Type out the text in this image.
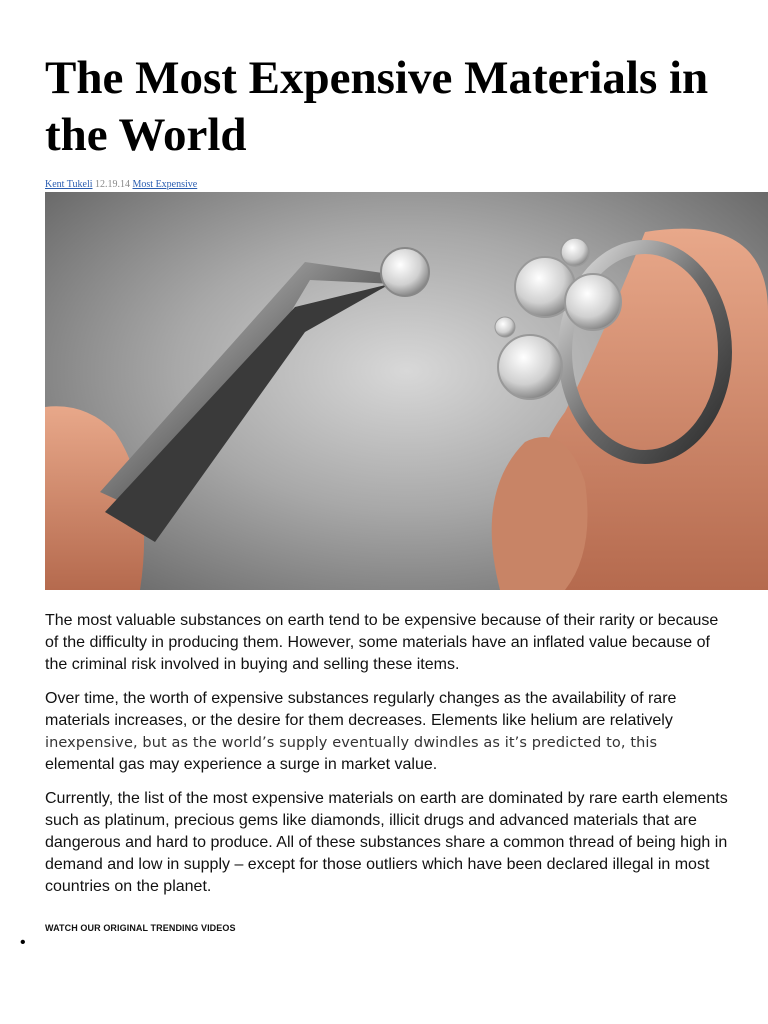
The Most Expensive Materials in the World
Kent Tukeli 12.19.14 Most Expensive

The most valuable substances on earth tend to be expensive because of their rarity or because of the difficulty in producing them. However, some materials have an inflated value because of the criminal risk involved in buying and selling these items.

Over time, the worth of expensive substances regularly changes as the availability of rare materials increases, or the desire for them decreases. Elements like helium are relatively
inexpensive, but as the world’s supply eventually dwindles as it’s predicted to, this
elemental gas may experience a surge in market value.

Currently, the list of the most expensive materials on earth are dominated by rare earth elements such as platinum, precious gems like diamonds, illicit drugs and advanced materials that are dangerous and hard to produce. All of these substances share a common thread of being high in demand and low in supply – except for those outliers which have been declared illegal in most countries on the planet.

WATCH OUR ORIGINAL TRENDING VIDEOS
•
